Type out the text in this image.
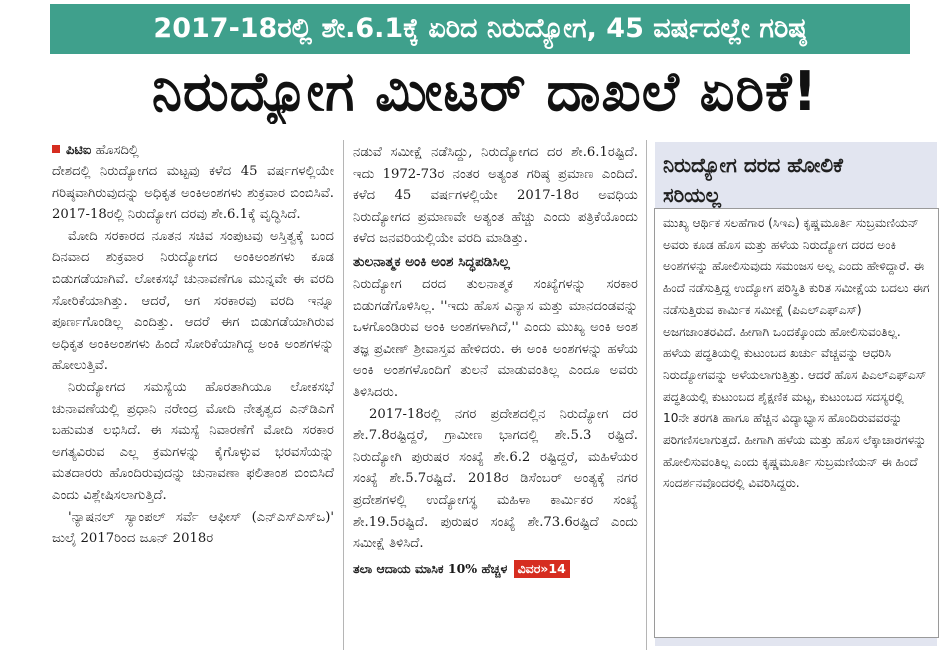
2017-18ರಲ್ಲಿ ಶೇ.6.1ಕ್ಕೆ ಏರಿದ ನಿರುದ್ಯೋಗ, 45 ವರ್ಷದಲ್ಲೇ ಗರಿಷ್ಠ
ನಿರುದ್ಯೋಗ ಮೀಟರ್ ದಾಖಲೆ ಏರಿಕೆ!
ಪಿಟಿಐ ಹೊಸದಿಲ್ಲಿ

ದೇಶದಲ್ಲಿ ನಿರುದ್ಯೋಗದ ಮಟ್ಟವು ಕಳೆದ 45 ವರ್ಷಗಳಲ್ಲಿಯೇ ಗರಿಷ್ಠವಾಗಿರುವುದನ್ನು ಅಧಿಕೃತ ಅಂಕಿಅಂಶಗಳು ಶುಕ್ರವಾರ ಬಿಂಬಿಸಿವೆ. 2017-18ರಲ್ಲಿ ನಿರುದ್ಯೋಗ ದರವು ಶೇ.6.1ಕ್ಕೆ ವೃದ್ಧಿಸಿದೆ.

ಮೋದಿ ಸರಕಾರದ ನೂತನ ಸಚಿವ ಸಂಪುಟವು ಅಸ್ತಿತ್ವಕ್ಕೆ ಬಂದ ದಿನವಾದ ಶುಕ್ರವಾರ ನಿರುದ್ಯೋಗದ ಅಂಕಿಅಂಶಗಳು ಕೂಡ ಬಿಡುಗಡೆಯಾಗಿವೆ. ಲೋಕಸಭೆ ಚುನಾವಣೆಗೂ ಮುನ್ನವೇ ಈ ವರದಿ ಸೋರಿಕೆಯಾಗಿತ್ತು. ಆದರೆ, ಆಗ ಸರಕಾರವು ವರದಿ ಇನ್ನೂ ಪೂರ್ಣಗೊಂಡಿಲ್ಲ ಎಂದಿತ್ತು. ಆದರೆ ಈಗ ಬಿಡುಗಡೆಯಾಗಿರುವ ಅಧಿಕೃತ ಅಂಕಿಅಂಶಗಳು ಹಿಂದೆ ಸೋರಿಕೆಯಾಗಿದ್ದ ಅಂಕಿ ಅಂಶಗಳನ್ನು ಹೋಲುತ್ತಿವೆ.

ನಿರುದ್ಯೋಗದ ಸಮಸ್ಯೆಯ ಹೊರತಾಗಿಯೂ ಲೋಕಸಭೆ ಚುನಾವಣೆಯಲ್ಲಿ ಪ್ರಧಾನಿ ನರೇಂದ್ರ ಮೋದಿ ನೇತೃತ್ವದ ಎನ್‌ಡಿಎಗೆ ಬಹುಮತ ಲಭಿಸಿದೆ. ಈ ಸಮಸ್ಯೆ ನಿವಾರಣೆಗೆ ಮೋದಿ ಸರಕಾರ ಅಗತ್ಯವಿರುವ ಎಲ್ಲ ಕ್ರಮಗಳನ್ನು ಕೈಗೊಳ್ಳುವ ಭರವಸೆಯನ್ನು ಮತದಾರರು ಹೊಂದಿರುವುದನ್ನು ಚುನಾವಣಾ ಫಲಿತಾಂಶ ಬಿಂಬಿಸಿದೆ ಎಂದು ವಿಶ್ಲೇಷಿಸಲಾಗುತ್ತಿದೆ.

'ನ್ಯಾಷನಲ್ ಸ್ಯಾಂಪಲ್ ಸರ್ವೆ ಆಫೀಸ್ (ಎನ್‌ಎಸ್‌ಎಸ್‌ಒ)' ಜುಲೈ 2017ರಿಂದ ಜೂನ್ 2018ರ

ನಡುವೆ ಸಮೀಕ್ಷೆ ನಡೆಸಿದ್ದು, ನಿರುದ್ಯೋಗದ ದರ ಶೇ.6.1ರಷ್ಟಿದೆ. ಇದು 1972-73ರ ನಂತರ ಅತ್ಯಂತ ಗರಿಷ್ಠ ಪ್ರಮಾಣ ಎಂದಿದೆ. ಕಳೆದ 45 ವರ್ಷಗಳಲ್ಲಿಯೇ 2017-18ರ ಅವಧಿಯ ನಿರುದ್ಯೋಗದ ಪ್ರಮಾಣವೇ ಅತ್ಯಂತ ಹೆಚ್ಚು ಎಂದು ಪತ್ರಿಕೆಯೊಂದು ಕಳೆದ ಜನವರಿಯಲ್ಲಿಯೇ ವರದಿ ಮಾಡಿತ್ತು.

ತುಲನಾತ್ಮಕ ಅಂಕಿ ಅಂಶ ಸಿದ್ಧಪಡಿಸಿಲ್ಲ

ನಿರುದ್ಯೋಗ ದರದ ತುಲನಾತ್ಮಕ ಸಂಖ್ಯೆಗಳನ್ನು ಸರಕಾರ ಬಿಡುಗಡೆಗೊಳಿಸಿಲ್ಲ. ''ಇದು ಹೊಸ ವಿನ್ಯಾಸ ಮತ್ತು ಮಾನದಂಡವನ್ನು ಒಳಗೊಂಡಿರುವ ಅಂಕಿ ಅಂಶಗಳಾಗಿದೆ,'' ಎಂದು ಮುಖ್ಯ ಅಂಕಿ ಅಂಶ ತಜ್ಞ ಪ್ರವೀಣ್ ಶ್ರೀವಾಸ್ತವ ಹೇಳಿದರು. ಈ ಅಂಕಿ ಅಂಶಗಳನ್ನು ಹಳೆಯ ಅಂಕಿ ಅಂಶಗಳೊಂದಿಗೆ ತುಲನೆ ಮಾಡುವಂತಿಲ್ಲ ಎಂದೂ ಅವರು ತಿಳಿಸಿದರು.

2017-18ರಲ್ಲಿ ನಗರ ಪ್ರದೇಶದಲ್ಲಿನ ನಿರುದ್ಯೋಗ ದರ ಶೇ.7.8ರಷ್ಟಿದ್ದರೆ, ಗ್ರಾಮೀಣ ಭಾಗದಲ್ಲಿ ಶೇ.5.3 ರಷ್ಟಿದೆ. ನಿರುದ್ಯೋಗಿ ಪುರುಷರ ಸಂಖ್ಯೆ ಶೇ.6.2 ರಷ್ಟಿದ್ದರೆ, ಮಹಿಳೆಯರ ಸಂಖ್ಯೆ ಶೇ.5.7ರಷ್ಟಿದೆ. 2018ರ ಡಿಸೆಂಬರ್ ಅಂತ್ಯಕ್ಕೆ ನಗರ ಪ್ರದೇಶಗಳಲ್ಲಿ ಉದ್ಯೋಗಸ್ಥ ಮಹಿಳಾ ಕಾರ್ಮಿಕರ ಸಂಖ್ಯೆ ಶೇ.19.5ರಷ್ಟಿದೆ. ಪುರುಷರ ಸಂಖ್ಯೆ ಶೇ.73.6ರಷ್ಟಿದೆ ಎಂದು ಸಮೀಕ್ಷೆ ತಿಳಿಸಿದೆ.

ತಲಾ ಆದಾಯ ಮಾಸಿಕ 10% ಹೆಚ್ಚಳ ವಿವರ»14
ನಿರುದ್ಯೋಗ ದರದ ಹೋಲಿಕೆ ಸರಿಯಲ್ಲ
ಮುಖ್ಯ ಆರ್ಥಿಕ ಸಲಹೆಗಾರ (ಸಿಇಎ) ಕೃಷ್ಣಮೂರ್ತಿ ಸುಬ್ರಮಣಿಯನ್ ಅವರು ಕೂಡ ಹೊಸ ಮತ್ತು ಹಳೆಯ ನಿರುದ್ಯೋಗ ದರದ ಅಂಕಿ ಅಂಶಗಳನ್ನು ಹೋಲಿಸುವುದು ಸಮಂಜಸ ಅಲ್ಲ ಎಂದು ಹೇಳಿದ್ದಾರೆ. ಈ ಹಿಂದೆ ನಡೆಸುತ್ತಿದ್ದ ಉದ್ಯೋಗ ಪರಿಸ್ಥಿತಿ ಕುರಿತ ಸಮೀಕ್ಷೆಯ ಬದಲು ಈಗ ನಡೆಸುತ್ತಿರುವ ಕಾರ್ಮಿಕ ಸಮೀಕ್ಷೆ (ಪಿಎಲ್‌ಎಫ್‌ಎಸ್) ಅಜಗಜಾಂತರವಿದೆ. ಹೀಗಾಗಿ ಒಂದಕ್ಕೊಂದು ಹೋಲಿಸುವಂತಿಲ್ಲ. ಹಳೆಯ ಪದ್ಧತಿಯಲ್ಲಿ ಕುಟುಂಬದ ಖರ್ಚು ವೆಚ್ಚವನ್ನು ಆಧರಿಸಿ ನಿರುದ್ಯೋಗವನ್ನು ಅಳೆಯಲಾಗುತ್ತಿತ್ತು. ಆದರೆ ಹೊಸ ಪಿಎಲ್‌ಎಫ್‌ಎಸ್ ಪದ್ಧತಿಯಲ್ಲಿ ಕುಟುಂಬದ ಶೈಕ್ಷಣಿಕ ಮಟ್ಟ, ಕುಟುಂಬದ ಸದಸ್ಯರಲ್ಲಿ 10ನೇ ತರಗತಿ ಹಾಗೂ ಹೆಚ್ಚಿನ ವಿದ್ಯಾಭ್ಯಾಸ ಹೊಂದಿರುವವರನ್ನು ಪರಿಗಣಿಸಲಾಗುತ್ತದೆ. ಹೀಗಾಗಿ ಹಳೆಯ ಮತ್ತು ಹೊಸ ಲೆಕ್ಕಾಚಾರಗಳನ್ನು ಹೋಲಿಸುವಂತಿಲ್ಲ ಎಂದು ಕೃಷ್ಣಮೂರ್ತಿ ಸುಬ್ರಮಣಿಯನ್ ಈ ಹಿಂದೆ ಸಂದರ್ಶನವೊಂದರಲ್ಲಿ ವಿವರಿಸಿದ್ದರು.
